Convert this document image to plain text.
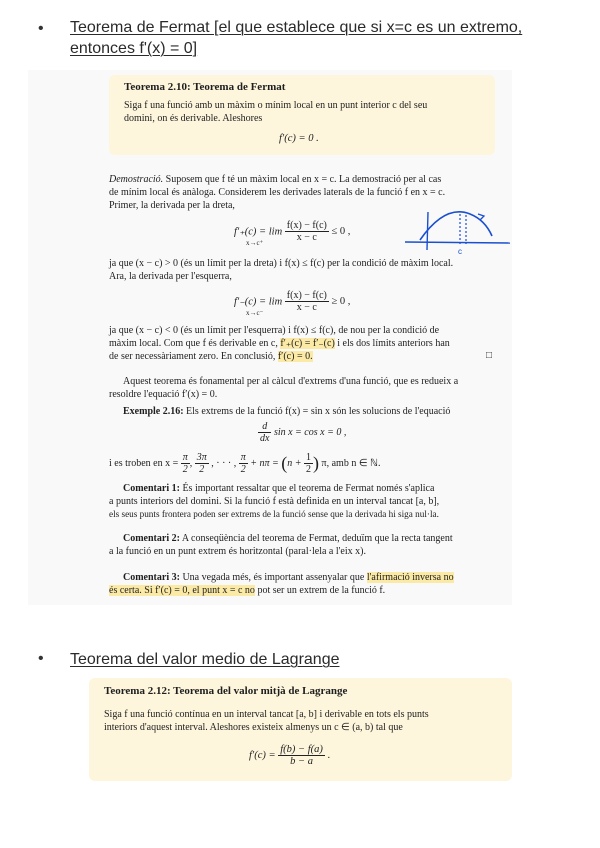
• Teorema de Fermat [el que establece que si x=c es un extremo,
entonces f'(x) = 0]
Teorema 2.10: Teorema de Fermat
Siga f una funció amb un màxim o mínim local en un punt interior c del seu
domini, on és derivable. Aleshores
f′(c) = 0 .
Demostració. Suposem que f té un màxim local en x = c. La demostració per al cas
de mínim local és anàloga. Considerem les derivades laterals de la funció f en x = c.
Primer, la derivada per la dreta,
$f'_+(c) = \lim \frac{f(x) - f(c)}{x - c} \le 0$ ,
x→c⁺
c
ja que (x − c) > 0 (és un límit per la dreta) i f(x) ≤ f(c) per la condició de màxim local.
Ara, la derivada per l'esquerra,
$f'_-(c) = \lim \frac{f(x) - f(c)}{x - c} \ge 0$ ,
x→c⁻
ja que (x − c) < 0 (és un límit per l'esquerra) i f(x) ≤ f(c), de nou per la condició de
màxim local. Com que f és derivable en c, f′₊(c) = f′₋(c) i els dos límits anteriors han
de ser necessàriament zero. En conclusió, f′(c) = 0.	□
Aquest teorema és fonamental per al càlcul d'extrems d'una funció, que es redueix a
resoldre l'equació f′(x) = 0.
Exemple 2.16: Els extrems de la funció f(x) = sin x són les solucions de l'equació
$\frac{d}{dx}$ sin x = cos x = 0 ,
i es troben en $x = \frac{\pi}{2}$ , $\frac{3\pi}{2}$ , · · · , $\frac{\pi}{2} + n\pi = (n + \frac{1}{2}$ ) π, amb n ∈ ℕ.
Comentari 1: És important ressaltar que el teorema de Fermat només s'aplica
a punts interiors del domini. Si la funció f està definida en un interval tancat [a, b],
els seus punts frontera poden ser extrems de la funció sense que la derivada hi siga nul·la.
Comentari 2: A conseqüència del teorema de Fermat, deduïm que la recta tangent
a la funció en un punt extrem és horitzontal (paral·lela a l'eix x).
Comentari 3: Una vegada més, és important assenyalar que l'afirmació inversa no
és certa. Si f′(c) = 0, el punt x = c no pot ser un extrem de la funció f.
• Teorema del valor medio de Lagrange
Teorema 2.12: Teorema del valor mitjà de Lagrange
Siga f una funció contínua en un interval tancat [a, b] i derivable en tots els punts
interiors d'aquest interval. Aleshores existeix almenys un c ∈ (a, b) tal que
$f'(c) = \frac{f(b) - f(a)}{b - a}$ .
